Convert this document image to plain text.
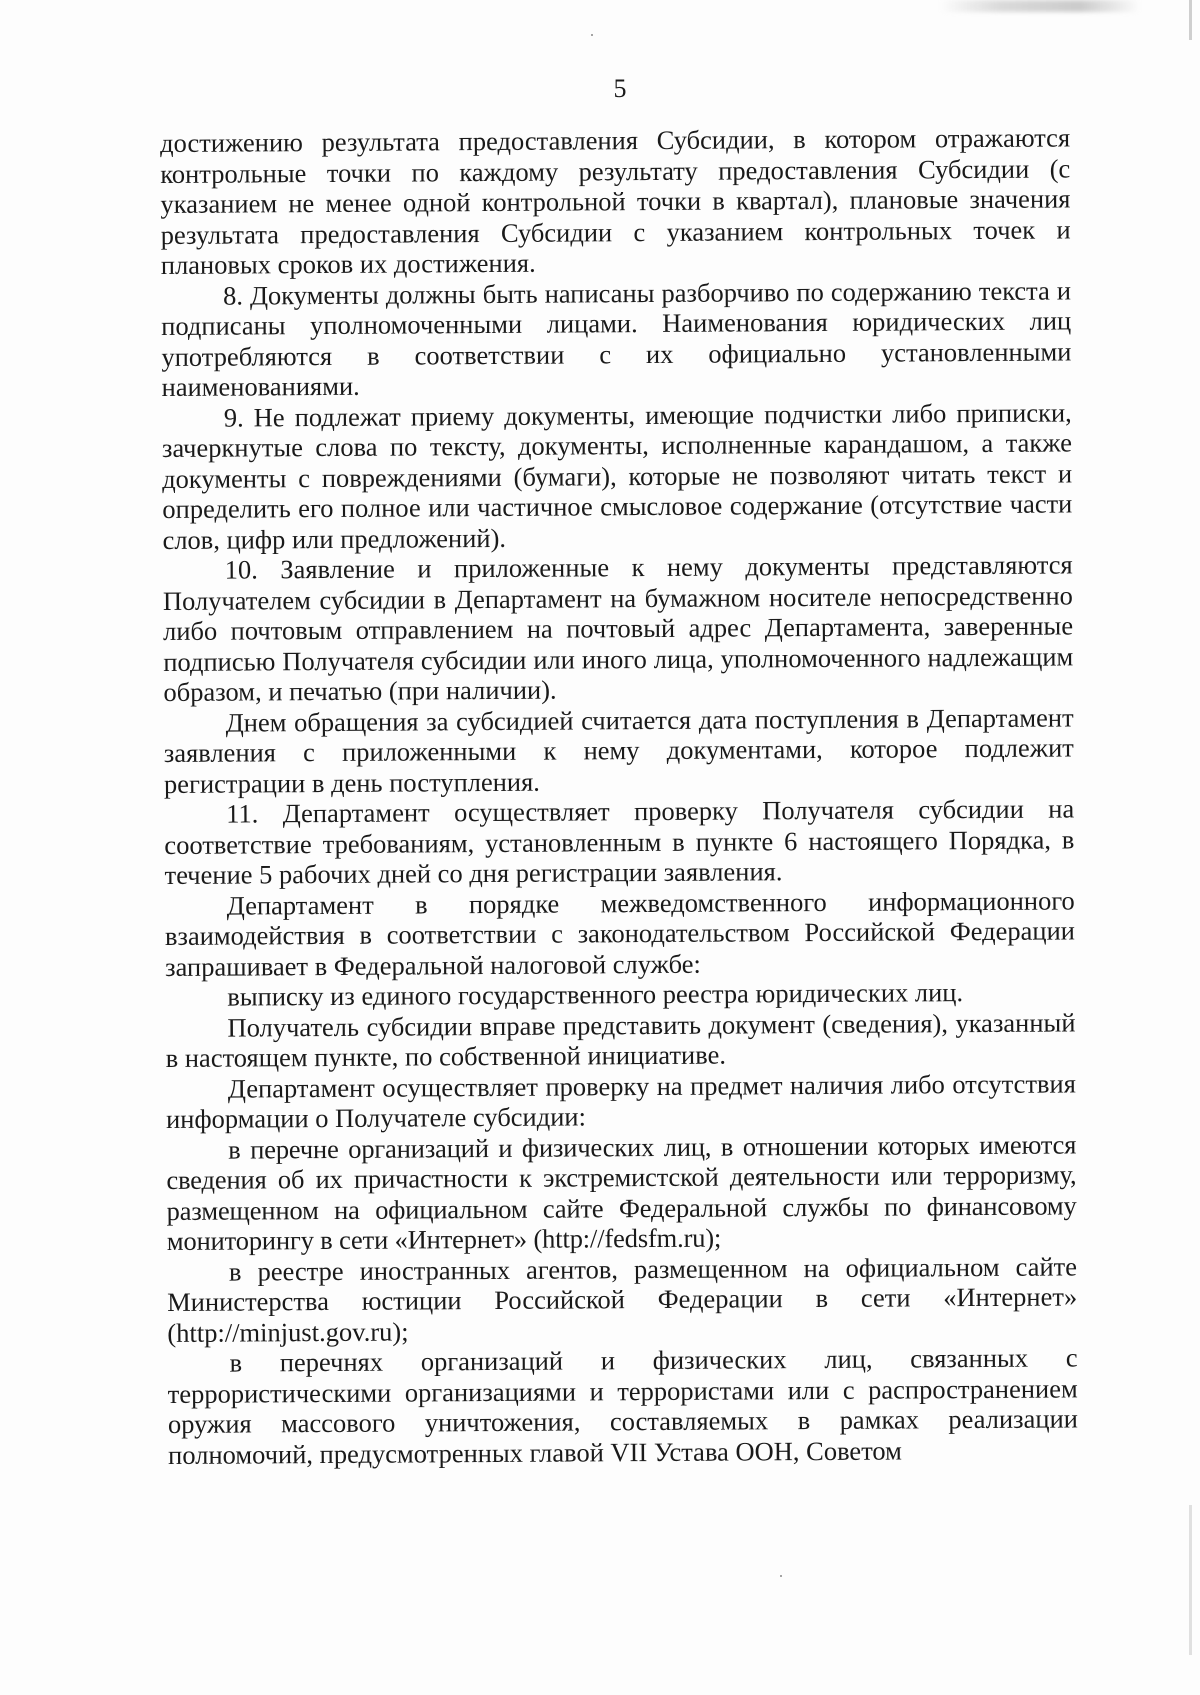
5

достижению результата предоставления Субсидии, в котором отражаются контрольные точки по каждому результату предоставления Субсидии (с указанием не менее одной контрольной точки в квартал), плановые значения результата предоставления Субсидии с указанием контрольных точек и плановых сроков их достижения.

8. Документы должны быть написаны разборчиво по содержанию текста и подписаны уполномоченными лицами. Наименования юридических лиц употребляются в соответствии с их официально установленными наименованиями.

9. Не подлежат приему документы, имеющие подчистки либо приписки, зачеркнутые слова по тексту, документы, исполненные карандашом, а также документы с повреждениями (бумаги), которые не позволяют читать текст и определить его полное или частичное смысловое содержание (отсутствие части слов, цифр или предложений).

10. Заявление и приложенные к нему документы представляются Получателем субсидии в Департамент на бумажном носителе непосредственно либо почтовым отправлением на почтовый адрес Департамента, заверенные подписью Получателя субсидии или иного лица, уполномоченного надлежащим образом, и печатью (при наличии).

Днем обращения за субсидией считается дата поступления в Департамент заявления с приложенными к нему документами, которое подлежит регистрации в день поступления.

11. Департамент осуществляет проверку Получателя субсидии на соответствие требованиям, установленным в пункте 6 настоящего Порядка, в течение 5 рабочих дней со дня регистрации заявления.

Департамент в порядке межведомственного информационного взаимодействия в соответствии с законодательством Российской Федерации запрашивает в Федеральной налоговой службе:

выписку из единого государственного реестра юридических лиц.

Получатель субсидии вправе представить документ (сведения), указанный в настоящем пункте, по собственной инициативе.

Департамент осуществляет проверку на предмет наличия либо отсутствия информации о Получателе субсидии:

в перечне организаций и физических лиц, в отношении которых имеются сведения об их причастности к экстремистской деятельности или терроризму, размещенном на официальном сайте Федеральной службы по финансовому мониторингу в сети «Интернет» (http://fedsfm.ru);

в реестре иностранных агентов, размещенном на официальном сайте Министерства юстиции Российской Федерации в сети «Интернет» (http://minjust.gov.ru);

в перечнях организаций и физических лиц, связанных с террористическими организациями и террористами или с распространением оружия массового уничтожения, составляемых в рамках реализации полномочий, предусмотренных главой VII Устава ООН, Советом
